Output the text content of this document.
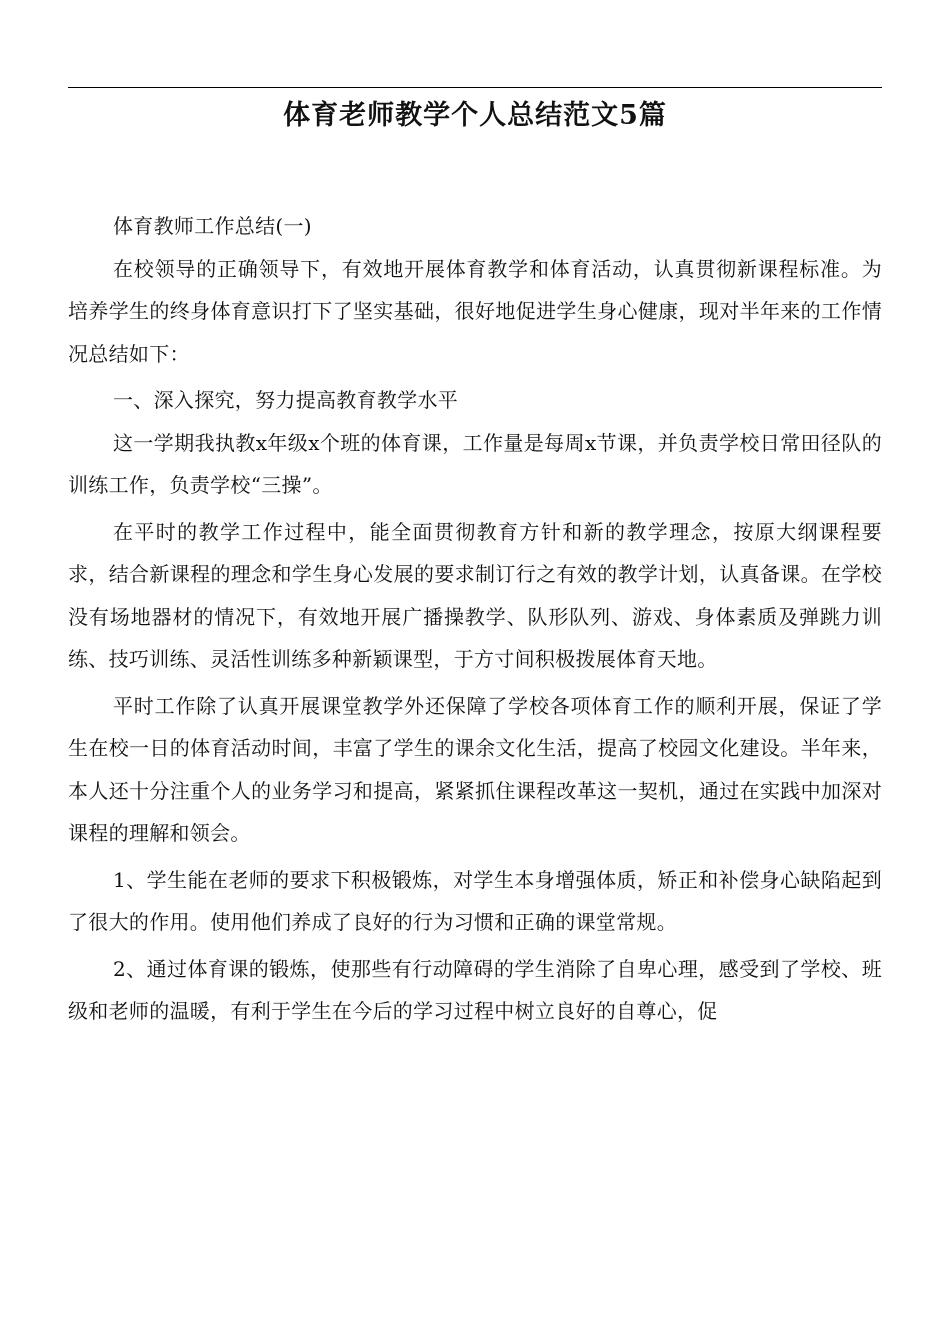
体育老师教学个人总结范文5篇

体育教师工作总结(一)

在校领导的正确领导下，有效地开展体育教学和体育活动，认真贯彻新课程标准。为培养学生的终身体育意识打下了坚实基础，很好地促进学生身心健康，现对半年来的工作情况总结如下：

一、深入探究，努力提高教育教学水平

这一学期我执教x年级x个班的体育课，工作量是每周x节课，并负责学校日常田径队的训练工作，负责学校“三操”。

在平时的教学工作过程中，能全面贯彻教育方针和新的教学理念，按原大纲课程要求，结合新课程的理念和学生身心发展的要求制订行之有效的教学计划，认真备课。在学校没有场地器材的情况下，有效地开展广播操教学、队形队列、游戏、身体素质及弹跳力训练、技巧训练、灵活性训练多种新颖课型，于方寸间积极拨展体育天地。

平时工作除了认真开展课堂教学外还保障了学校各项体育工作的顺利开展，保证了学生在校一日的体育活动时间，丰富了学生的课余文化生活，提高了校园文化建设。半年来，本人还十分注重个人的业务学习和提高，紧紧抓住课程改革这一契机，通过在实践中加深对课程的理解和领会。

1、学生能在老师的要求下积极锻炼，对学生本身增强体质，矫正和补偿身心缺陷起到了很大的作用。使用他们养成了良好的行为习惯和正确的课堂常规。

2、通过体育课的锻炼，使那些有行动障碍的学生消除了自卑心理，感受到了学校、班级和老师的温暖，有利于学生在今后的学习过程中树立良好的自尊心，促
